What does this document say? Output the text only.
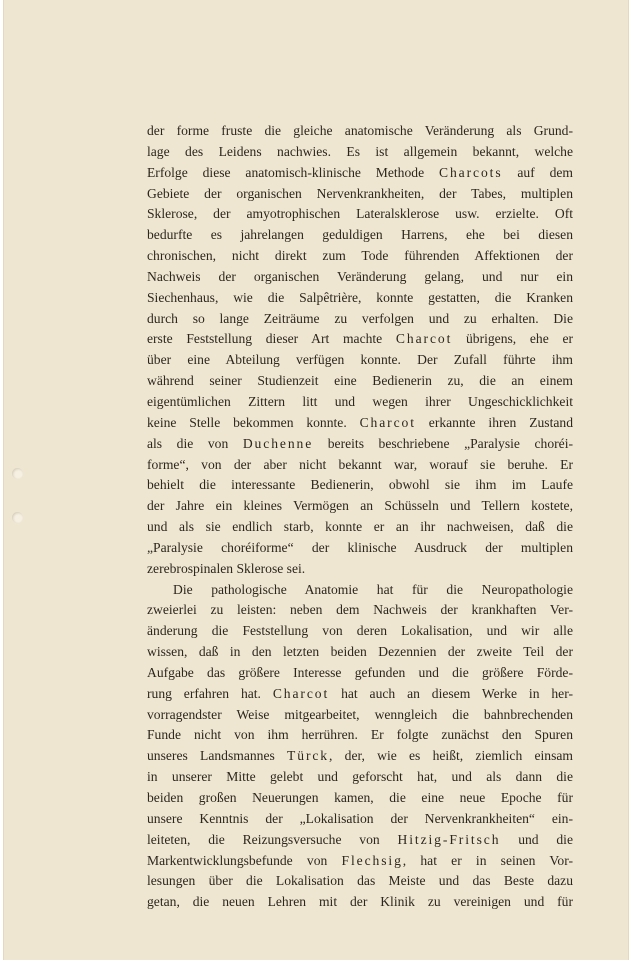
der forme fruste die gleiche anatomische Veränderung als Grund-
lage des Leidens nachwies. Es ist allgemein bekannt, welche
Erfolge diese anatomisch-klinische Methode Charcots auf dem
Gebiete der organischen Nervenkrankheiten, der Tabes, multiplen
Sklerose, der amyotrophischen Lateralsklerose usw. erzielte. Oft
bedurfte es jahrelangen geduldigen Harrens, ehe bei diesen
chronischen, nicht direkt zum Tode führenden Affektionen der
Nachweis der organischen Veränderung gelang, und nur ein
Siechenhaus, wie die Salpêtrière, konnte gestatten, die Kranken
durch so lange Zeiträume zu verfolgen und zu erhalten. Die
erste Feststellung dieser Art machte Charcot übrigens, ehe er
über eine Abteilung verfügen konnte. Der Zufall führte ihm
während seiner Studienzeit eine Bedienerin zu, die an einem
eigentümlichen Zittern litt und wegen ihrer Ungeschicklichkeit
keine Stelle bekommen konnte. Charcot erkannte ihren Zustand
als die von Duchenne bereits beschriebene „Paralysie choréi-
forme“, von der aber nicht bekannt war, worauf sie beruhe. Er
behielt die interessante Bedienerin, obwohl sie ihm im Laufe
der Jahre ein kleines Vermögen an Schüsseln und Tellern kostete,
und als sie endlich starb, konnte er an ihr nachweisen, daß die
„Paralysie choréiforme“ der klinische Ausdruck der multiplen
zerebrospinalen Sklerose sei.
Die pathologische Anatomie hat für die Neuropathologie
zweierlei zu leisten: neben dem Nachweis der krankhaften Ver-
änderung die Feststellung von deren Lokalisation, und wir alle
wissen, daß in den letzten beiden Dezennien der zweite Teil der
Aufgabe das größere Interesse gefunden und die größere Förde-
rung erfahren hat. Charcot hat auch an diesem Werke in her-
vorragendster Weise mitgearbeitet, wenngleich die bahnbrechenden
Funde nicht von ihm herrühren. Er folgte zunächst den Spuren
unseres Landsmannes Türck, der, wie es heißt, ziemlich einsam
in unserer Mitte gelebt und geforscht hat, und als dann die
beiden großen Neuerungen kamen, die eine neue Epoche für
unsere Kenntnis der „Lokalisation der Nervenkrankheiten“ ein-
leiteten, die Reizungsversuche von Hitzig-Fritsch und die
Markentwicklungsbefunde von Flechsig, hat er in seinen Vor-
lesungen über die Lokalisation das Meiste und das Beste dazu
getan, die neuen Lehren mit der Klinik zu vereinigen und für
